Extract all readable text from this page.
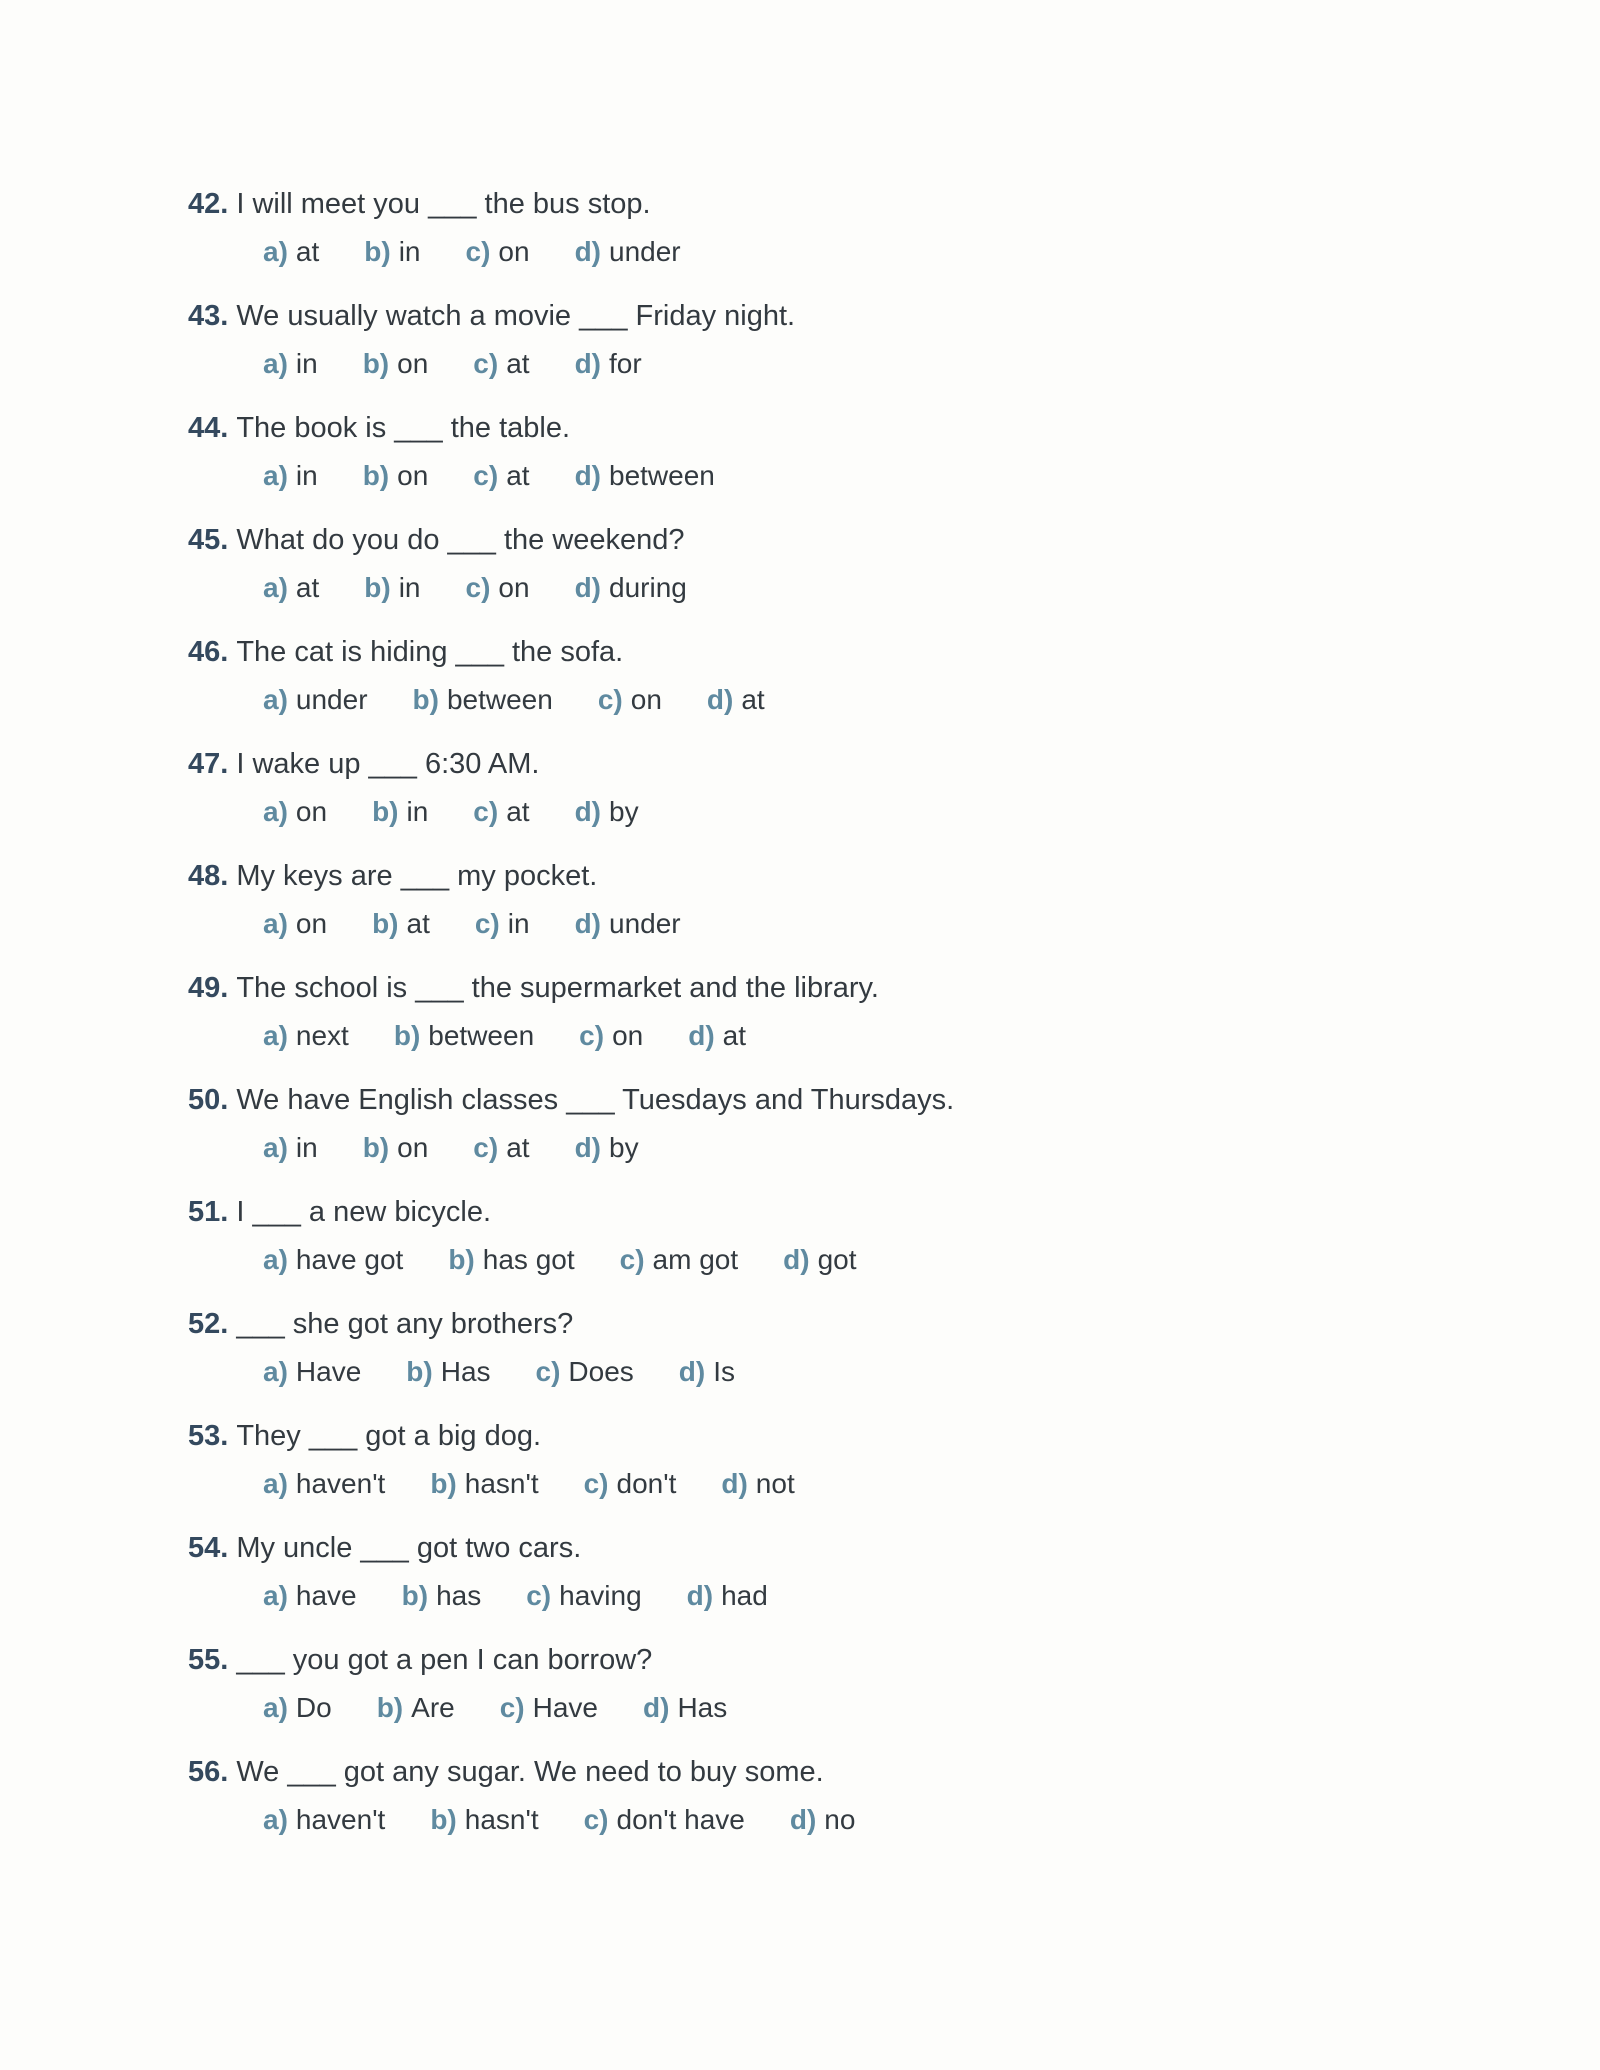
42. I will meet you ___ the bus stop.
a) at b) in c) on d) under
43. We usually watch a movie ___ Friday night.
a) in b) on c) at d) for
44. The book is ___ the table.
a) in b) on c) at d) between
45. What do you do ___ the weekend?
a) at b) in c) on d) during
46. The cat is hiding ___ the sofa.
a) under b) between c) on d) at
47. I wake up ___ 6:30 AM.
a) on b) in c) at d) by
48. My keys are ___ my pocket.
a) on b) at c) in d) under
49. The school is ___ the supermarket and the library.
a) next b) between c) on d) at
50. We have English classes ___ Tuesdays and Thursdays.
a) in b) on c) at d) by
51. I ___ a new bicycle.
a) have got b) has got c) am got d) got
52. ___ she got any brothers?
a) Have b) Has c) Does d) Is
53. They ___ got a big dog.
a) haven't b) hasn't c) don't d) not
54. My uncle ___ got two cars.
a) have b) has c) having d) had
55. ___ you got a pen I can borrow?
a) Do b) Are c) Have d) Has
56. We ___ got any sugar. We need to buy some.
a) haven't b) hasn't c) don't have d) no
